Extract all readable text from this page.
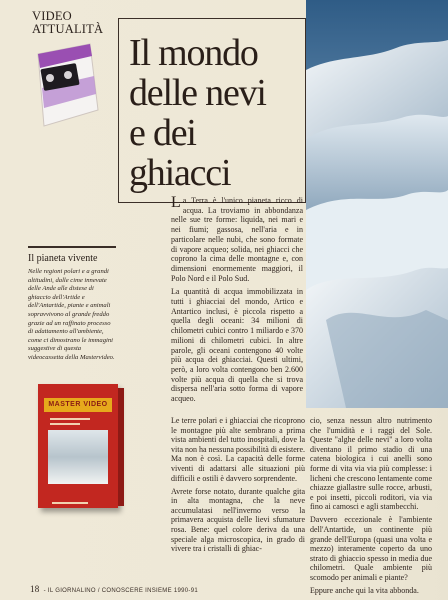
VIDEO
ATTUALITÀ
Il pianeta vivente
Nelle regioni polari e a grandi altitudini, dalle cime innevate delle Ande alle distese di ghiaccio dell'Artide e dell'Antartide, piante e animali sopravvivono al grande freddo grazie ad un raffinato processo di adattamento all'ambiente, come ci dimostrano le immagini suggestive di questa videocassetta della Mastervideo.
MASTER VIDEO
Il mondo
delle nevi
e dei ghiacci

La Terra è l'unico pianeta ricco di acqua. La troviamo in abbondanza nelle sue tre forme: liquida, nei mari e nei fiumi; gassosa, nell'aria e in particolare nelle nubi, che sono formate di vapore acqueo; solida, nei ghiacci che coprono la cima delle montagne e, con dimensioni enormemente maggiori, il Polo Nord e il Polo Sud.

La quantità di acqua immobilizzata in tutti i ghiacciai del mondo, Artico e Antartico inclusi, è piccola rispetto a quella degli oceani: 34 milioni di chilometri cubici contro 1 miliardo e 370 milioni di chilometri cubici. In altre parole, gli oceani contengono 40 volte più acqua dei ghiacciai. Questi ultimi, però, a loro volta contengono ben 2.600 volte più acqua di quella che si trova dispersa nell'aria sotto forma di vapore acqueo.

Le terre polari e i ghiacciai che ricoprono le montagne più alte sembrano a prima vista ambienti del tutto inospitali, dove la vita non ha nessuna possibilità di esistere. Ma non è così. La capacità delle forme viventi di adattarsi alle situazioni più difficili e ostili è davvero sorprendente.

Avrete forse notato, durante qualche gita in alta montagna, che la neve accumulatasi nell'inverno verso la primavera acquista delle lievi sfumature rosa. Bene: quel colore deriva da una speciale alga microscopica, in grado di vivere tra i cristalli di ghiac-

cio, senza nessun altro nutrimento che l'umidità e i raggi del Sole. Queste "alghe delle nevi" a loro volta diventano il primo stadio di una catena biologica i cui anelli sono forme di vita via via più complesse: i licheni che crescono lentamente come chiazze giallastre sulle rocce, arbusti, e poi insetti, piccoli roditori, via via fino ai camosci e agli stambecchi.

Davvero eccezionale è l'ambiente dell'Antartide, un continente più grande dell'Europa (quasi una volta e mezzo) interamente coperto da uno strato di ghiaccio spesso in media due chilometri. Quale ambiente più scomodo per animali e piante?

Eppure anche qui la vita abbonda.

18 - IL GIORNALINO / CONOSCERE INSIEME 1990-91
